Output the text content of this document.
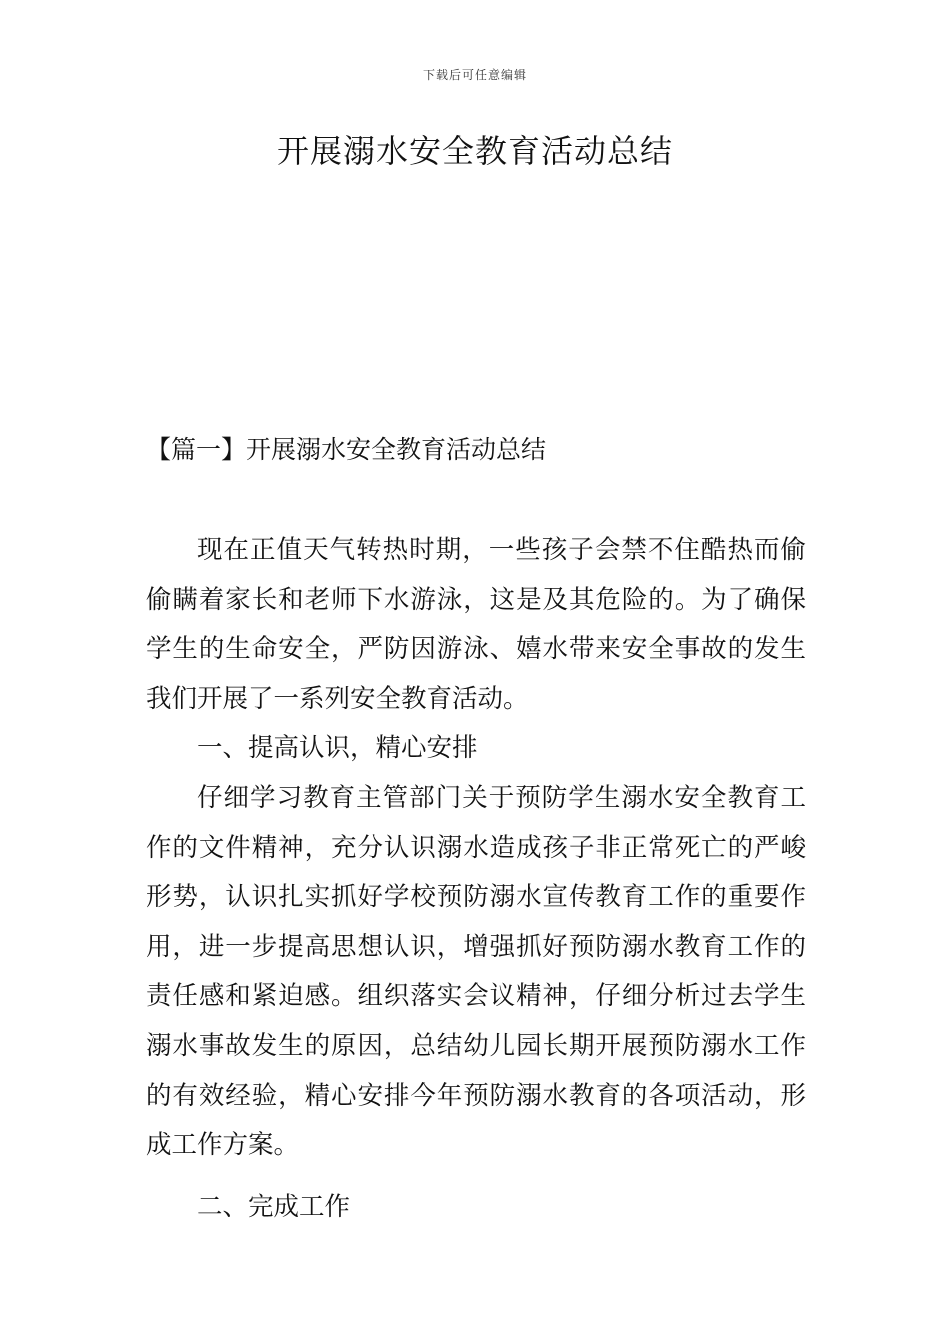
下载后可任意编辑
开展溺水安全教育活动总结
【篇一】开展溺水安全教育活动总结

现在正值天气转热时期，一些孩子会禁不住酷热而偷偷瞒着家长和老师下水游泳，这是及其危险的。为了确保学生的生命安全，严防因游泳、嬉水带来安全事故的发生我们开展了一系列安全教育活动。

一、提高认识，精心安排

仔细学习教育主管部门关于预防学生溺水安全教育工作的文件精神，充分认识溺水造成孩子非正常死亡的严峻形势，认识扎实抓好学校预防溺水宣传教育工作的重要作用，进一步提高思想认识，增强抓好预防溺水教育工作的责任感和紧迫感。组织落实会议精神，仔细分析过去学生溺水事故发生的原因，总结幼儿园长期开展预防溺水工作的有效经验，精心安排今年预防溺水教育的各项活动，形成工作方案。

二、完成工作
